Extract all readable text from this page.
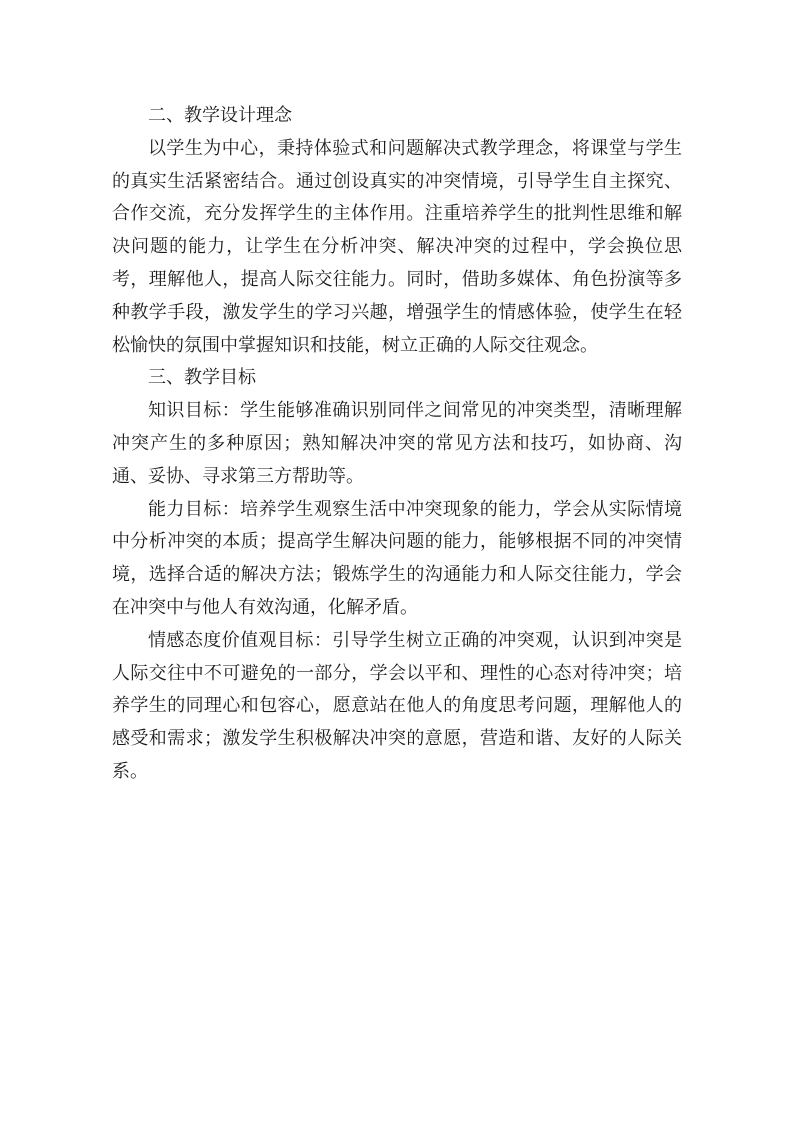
二、教学设计理念

以学生为中心，秉持体验式和问题解决式教学理念，将课堂与学生的真实生活紧密结合。通过创设真实的冲突情境，引导学生自主探究、合作交流，充分发挥学生的主体作用。注重培养学生的批判性思维和解决问题的能力，让学生在分析冲突、解决冲突的过程中，学会换位思考，理解他人，提高人际交往能力。同时，借助多媒体、角色扮演等多种教学手段，激发学生的学习兴趣，增强学生的情感体验，使学生在轻松愉快的氛围中掌握知识和技能，树立正确的人际交往观念。

三、教学目标

知识目标：学生能够准确识别同伴之间常见的冲突类型，清晰理解冲突产生的多种原因；熟知解决冲突的常见方法和技巧，如协商、沟通、妥协、寻求第三方帮助等。

能力目标：培养学生观察生活中冲突现象的能力，学会从实际情境中分析冲突的本质；提高学生解决问题的能力，能够根据不同的冲突情境，选择合适的解决方法；锻炼学生的沟通能力和人际交往能力，学会在冲突中与他人有效沟通，化解矛盾。

情感态度价值观目标：引导学生树立正确的冲突观，认识到冲突是人际交往中不可避免的一部分，学会以平和、理性的心态对待冲突；培养学生的同理心和包容心，愿意站在他人的角度思考问题，理解他人的感受和需求；激发学生积极解决冲突的意愿，营造和谐、友好的人际关系。
